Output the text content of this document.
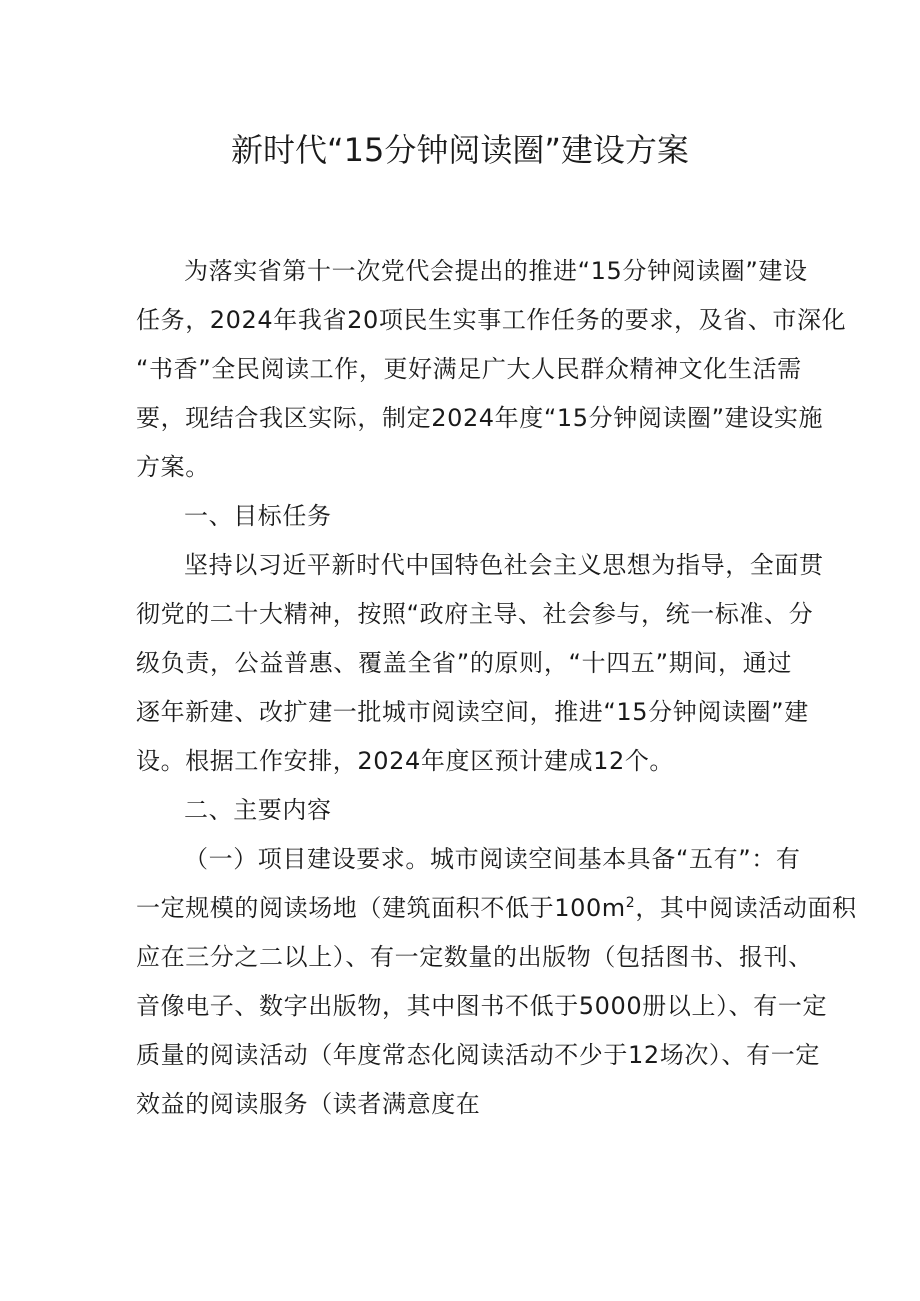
新时代“15分钟阅读圈”建设方案
为落实省第十一次党代会提出的推进“15分钟阅读圈”建设
任务，2024年我省20项民生实事工作任务的要求，及省、市深化
“书香”全民阅读工作，更好满足广大人民群众精神文化生活需
要，现结合我区实际，制定2024年度“15分钟阅读圈”建设实施
方案。
一、目标任务
坚持以习近平新时代中国特色社会主义思想为指导，全面贯
彻党的二十大精神，按照“政府主导、社会参与，统一标准、分
级负责，公益普惠、覆盖全省”的原则，“十四五”期间，通过
逐年新建、改扩建一批城市阅读空间，推进“15分钟阅读圈”建
设。根据工作安排，2024年度区预计建成12个。
二、主要内容
（一）项目建设要求。城市阅读空间基本具备“五有”：有
一定规模的阅读场地（建筑面积不低于$100m^2$，其中阅读活动面积
应在三分之二以上）、有一定数量的出版物（包括图书、报刊、
音像电子、数字出版物，其中图书不低于5000册以上）、有一定
质量的阅读活动（年度常态化阅读活动不少于12场次）、有一定
效益的阅读服务（读者满意度在
